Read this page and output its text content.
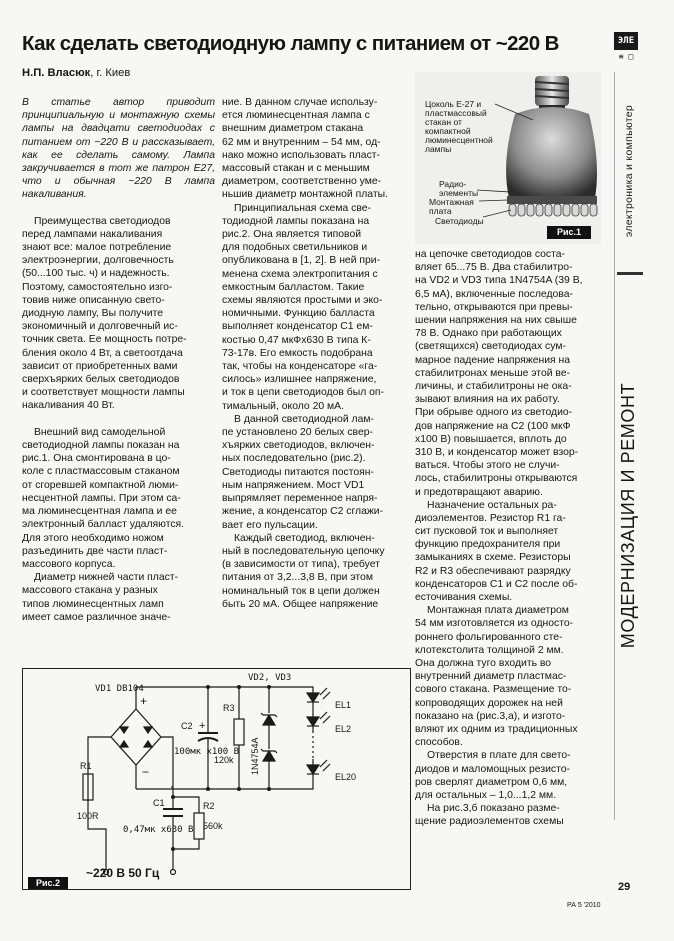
Как сделать светодиодную лампу с питанием от ~220 В	ЭЛЕ
≡ □
Н.П. Власюк, г. Киев

В статье автор приводит принципиальную и монтажную схемы лампы на двадцати светодиодах с питанием от ~220 В и рассказывает, как ее сделать самому. Лампа закручивается в тот же патрон Е27, что и обычная ~220 В лампа накаливания.

Преимущества светодиодов
перед лампами накаливания
знают все: малое потребление
электроэнергии, долговечность
(50...100 тыс. ч) и надежность.
Поэтому, самостоятельно изго-
товив ниже описанную свето-
диодную лампу, Вы получите
экономичный и долговечный ис-
точник света. Ее мощность потре-
бления около 4 Вт, а светоотдача
зависит от приобретенных вами
сверхъярких белых светодиодов
и соответствует мощности лампы
накаливания 40 Вт.

Внешний вид самодельной
светодиодной лампы показан на
рис.1. Она смонтирована в цо-
коле с пластмассовым стаканом
от сгоревшей компактной люми-
несцентной лампы. При этом са-
ма люминесцентная лампа и ее
электронный балласт удаляются.
Для этого необходимо ножом
разъединить две части пласт-
массового корпуса.
Диаметр нижней части пласт-
массового стакана у разных
типов люминесцентных ламп
имеет самое различное значе-
ние. В данном случае использу-
ется люминесцентная лампа с
внешним диаметром стакана
62 мм и внутренним – 54 мм, од-
нако можно использовать пласт-
массовый стакан и с меньшим
диаметром, соответственно уме-
ньшив диаметр монтажной платы.
Принципиальная схема све-
тодиодной лампы показана на
рис.2. Она является типовой
для подобных светильников и
опубликована в [1, 2]. В ней при-
менена схема электропитания с
емкостным балластом. Такие
схемы являются простыми и эко-
номичными. Функцию балласта
выполняет конденсатор С1 ем-
костью 0,47 мкФх630 В типа К-
73-17в. Его емкость подобрана
так, чтобы на конденсаторе «га-
силось» излишнее напряжение,
и ток в цепи светодиодов был оп-
тимальный, около 20 мА.
В данной светодиодной лам-
пе установлено 20 белых свер-
хъярких светодиодов, включен-
ных последовательно (рис.2).
Светодиоды питаются постоян-
ным напряжением. Мост VD1
выпрямляет переменное напря-
жение, а конденсатор С2 сглажи-
вает его пульсации.
Каждый светодиод, включен-
ный в последовательную цепочку
(в зависимости от типа), требует
питания от 3,2...3,8 В, при этом
номинальный ток в цепи должен
быть 20 мА. Общее напряжение
Цоколь Е-27 и
пластмассовый
стакан от
компактной
люминесцентной
лампы
Радио-
элементы
Монтажная
плата
Светодиоды
Рис.1
на цепочке светодиодов соста-
вляет 65...75 В. Два стабилитро-
на VD2 и VD3 типа 1N4754A (39 В,
6,5 мА), включенные последова-
тельно, открываются при превы-
шении напряжения на них свыше
78 В. Однако при работающих
(светящихся) светодиодах сум-
марное падение напряжения на
стабилитронах меньше этой ве-
личины, и стабилитроны не ока-
зывают влияния на их работу.
При обрыве одного из светодио-
дов напряжение на С2 (100 мкФ
х100 В) повышается, вплоть до
310 В, и конденсатор может взор-
ваться. Чтобы этого не случи-
лось, стабилитроны открываются
и предотвращают аварию.
Назначение остальных ра-
диоэлементов. Резистор R1 га-
сит пусковой ток и выполняет
функцию предохранителя при
замыканиях в схеме. Резисторы
R2 и R3 обеспечивают разрядку
конденсаторов С1 и С2 после об-
есточивания схемы.
Монтажная плата диаметром
54 мм изготовляется из односто-
роннего фольгированного сте-
клотекстолита толщиной 2 мм.
Она должна туго входить во
внутренний диаметр пластмас-
сового стакана. Размещение то-
копроводящих дорожек на ней
показано на (рис.3,а), и изгото-
вляют их одним из традиционных
способов.
Отверстия в плате для свето-
диодов и маломощных резисто-
ров сверлят диаметром 0,6 мм,
для остальных – 1,0...1,2 мм.
На рис.3,б показано разме-
щение радиоэлементов схемы
VD1 DB104
+
−
C2 +
100мк х100 В
R3
120k
VD2, VD3
1N4754A
EL1
EL2
EL20
R1
100R
C1
0,47мк х630 В
R2
560k
~220 В 50 Гц
Рис.2
электроника и компьютер
МОДЕРНИЗАЦИЯ И РЕМОНТ
29
РА 5 '2010
